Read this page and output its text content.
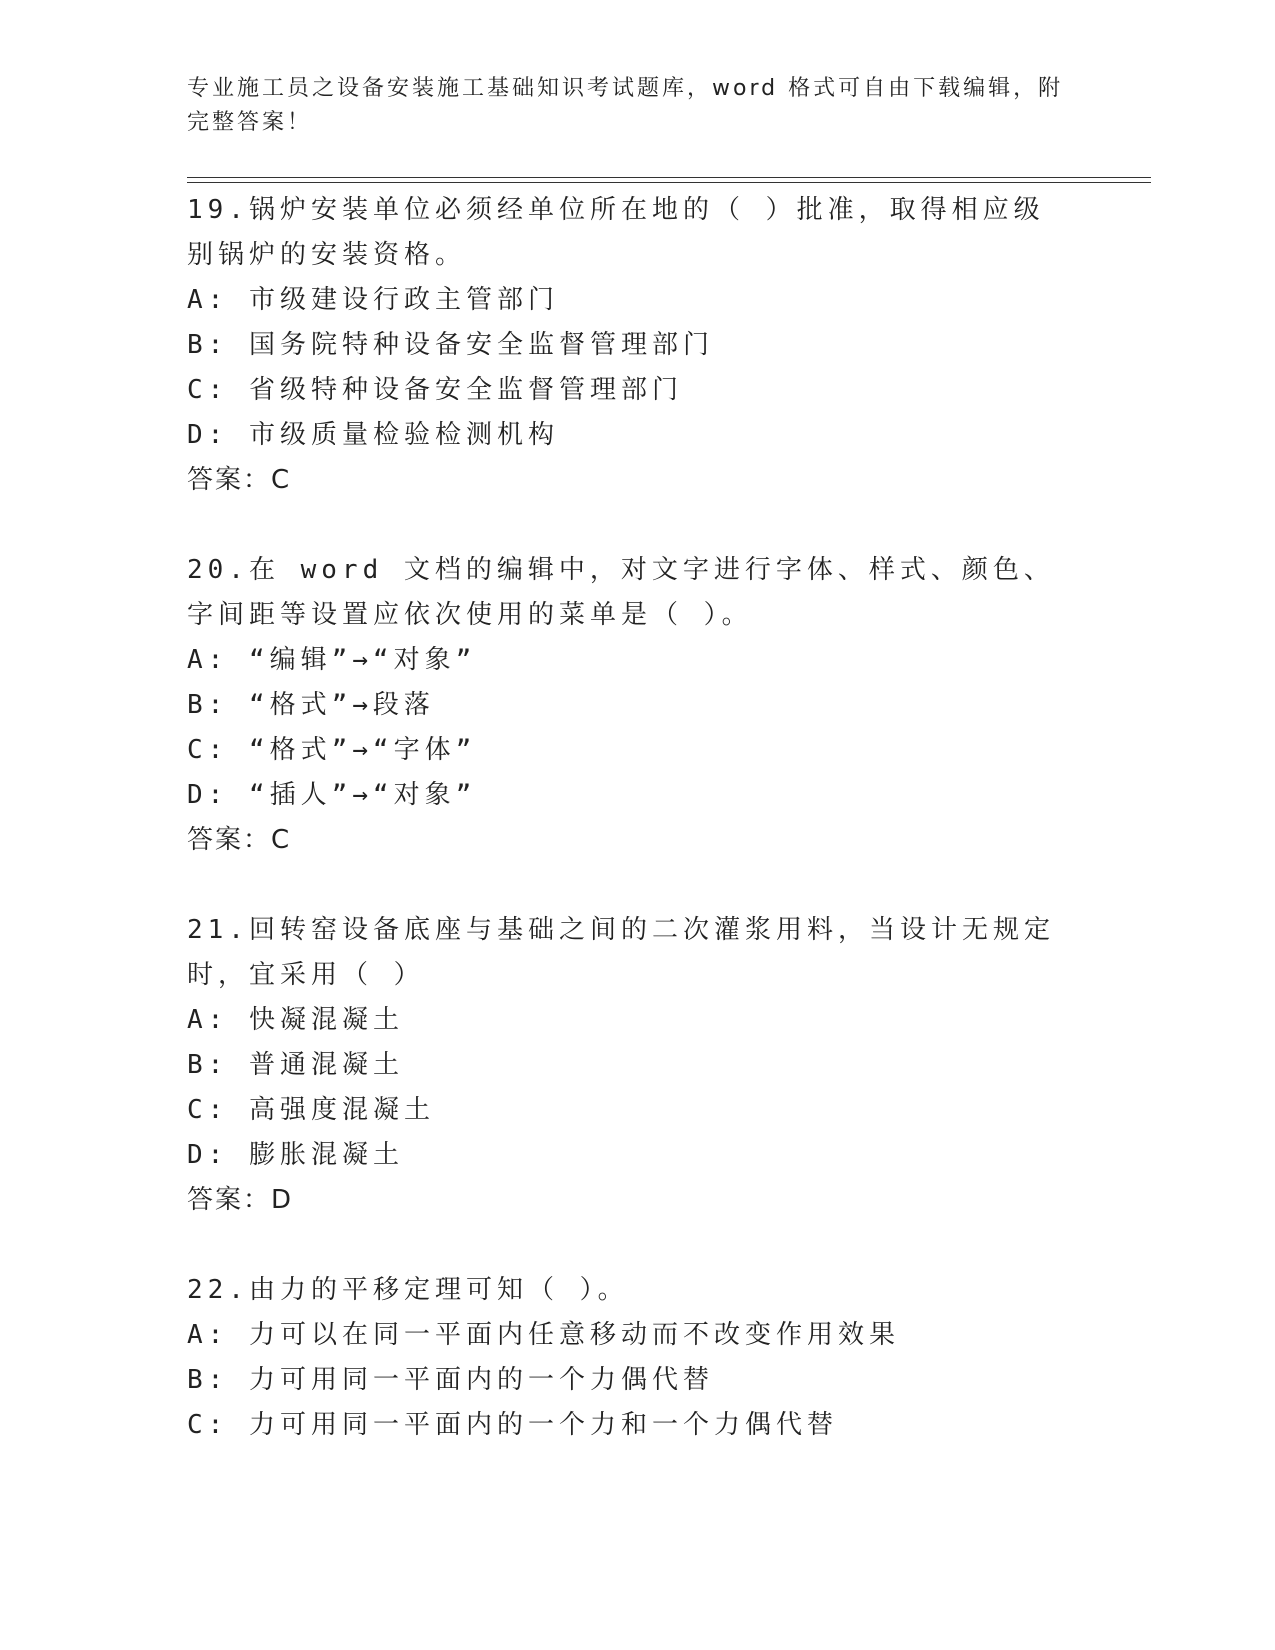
专业施工员之设备安装施工基础知识考试题库，word 格式可自由下载编辑，附完整答案！
19.锅炉安装单位必须经单位所在地的（ ）批准，取得相应级别锅炉的安装资格。
A: 市级建设行政主管部门
B: 国务院特种设备安全监督管理部门
C: 省级特种设备安全监督管理部门
D: 市级质量检验检测机构
答案：C
20.在 word 文档的编辑中，对文字进行字体、样式、颜色、字间距等设置应依次使用的菜单是（ ）。
A: “编辑”→“对象”
B: “格式”→段落
C: “格式”→“字体”
D: “插人”→“对象”
答案：C
21.回转窑设备底座与基础之间的二次灌浆用料，当设计无规定时，宜采用（ ）
A: 快凝混凝土
B: 普通混凝土
C: 高强度混凝土
D: 膨胀混凝土
答案：D
22.由力的平移定理可知（ ）。
A: 力可以在同一平面内任意移动而不改变作用效果
B: 力可用同一平面内的一个力偶代替
C: 力可用同一平面内的一个力和一个力偶代替
